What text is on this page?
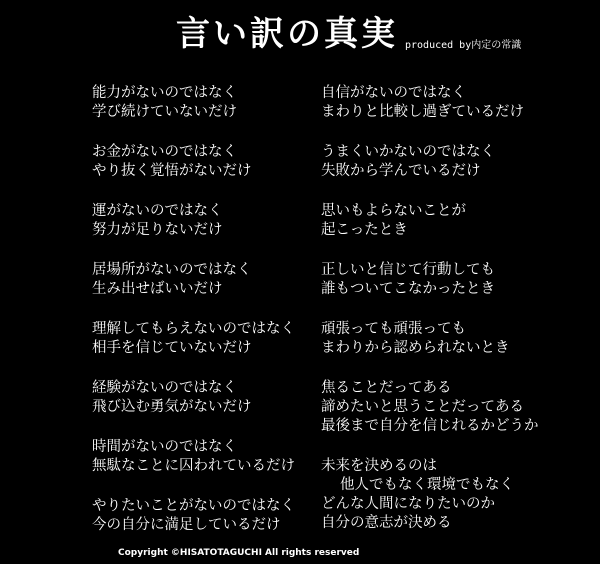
言い訳の真実 produced by内定の常識
能力がないのではなく
学び続けていないだけ
お金がないのではなく
やり抜く覚悟がないだけ
運がないのではなく
努力が足りないだけ
居場所がないのではなく
生み出せばいいだけ
理解してもらえないのではなく
相手を信じていないだけ
経験がないのではなく
飛び込む勇気がないだけ
時間がないのではなく
無駄なことに囚われているだけ
やりたいことがないのではなく
今の自分に満足しているだけ
自信がないのではなく
まわりと比較し過ぎているだけ
うまくいかないのではなく
失敗から学んでいるだけ
思いもよらないことが
起こったとき
正しいと信じて行動しても
誰もついてこなかったとき
頑張っても頑張っても
まわりから認められないとき
焦ることだってある
諦めたいと思うことだってある
最後まで自分を信じれるかどうか
未来を決めるのは
他人でもなく環境でもなく
どんな人間になりたいのか
自分の意志が決める
Copyright ©HISATOTAGUCHI All rights reserved
